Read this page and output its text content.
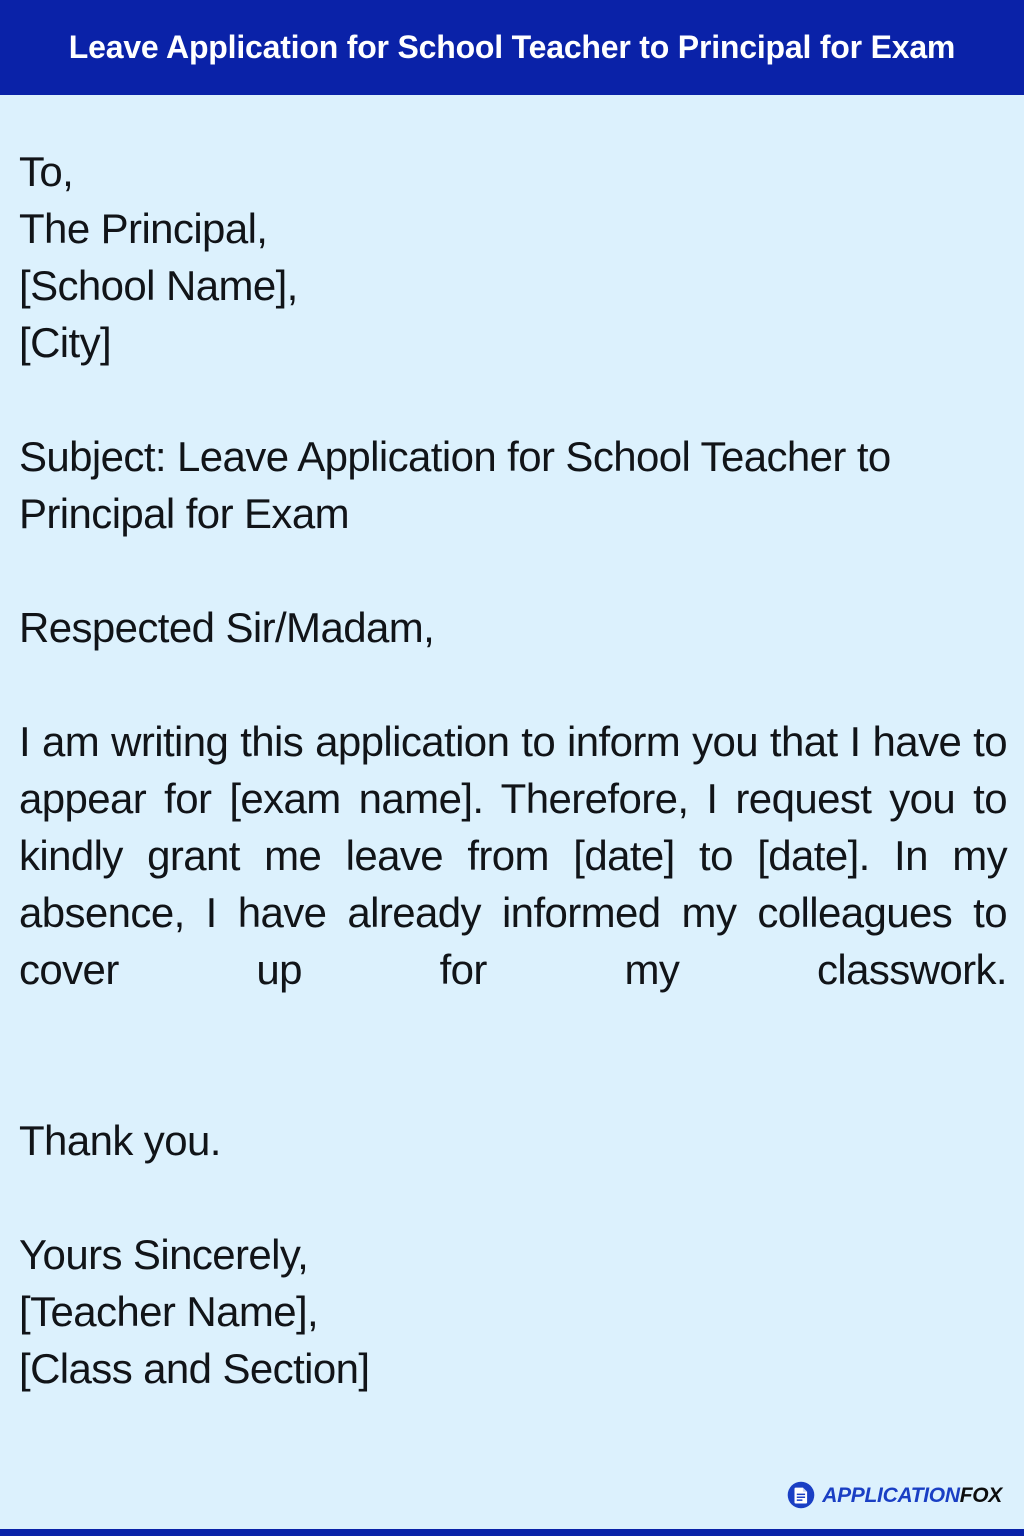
Leave Application for School Teacher to Principal for Exam
To,
The Principal,
[School Name],
[City]
Subject: Leave Application for School Teacher to Principal for Exam
Respected Sir/Madam,
I am writing this application to inform you that I have to appear for [exam name]. Therefore, I request you to kindly grant me leave from [date] to [date]. In my absence, I have already informed my colleagues to cover up for my classwork.
Thank you.
Yours Sincerely,
[Teacher Name],
[Class and Section]
APPLICATIONFOX
